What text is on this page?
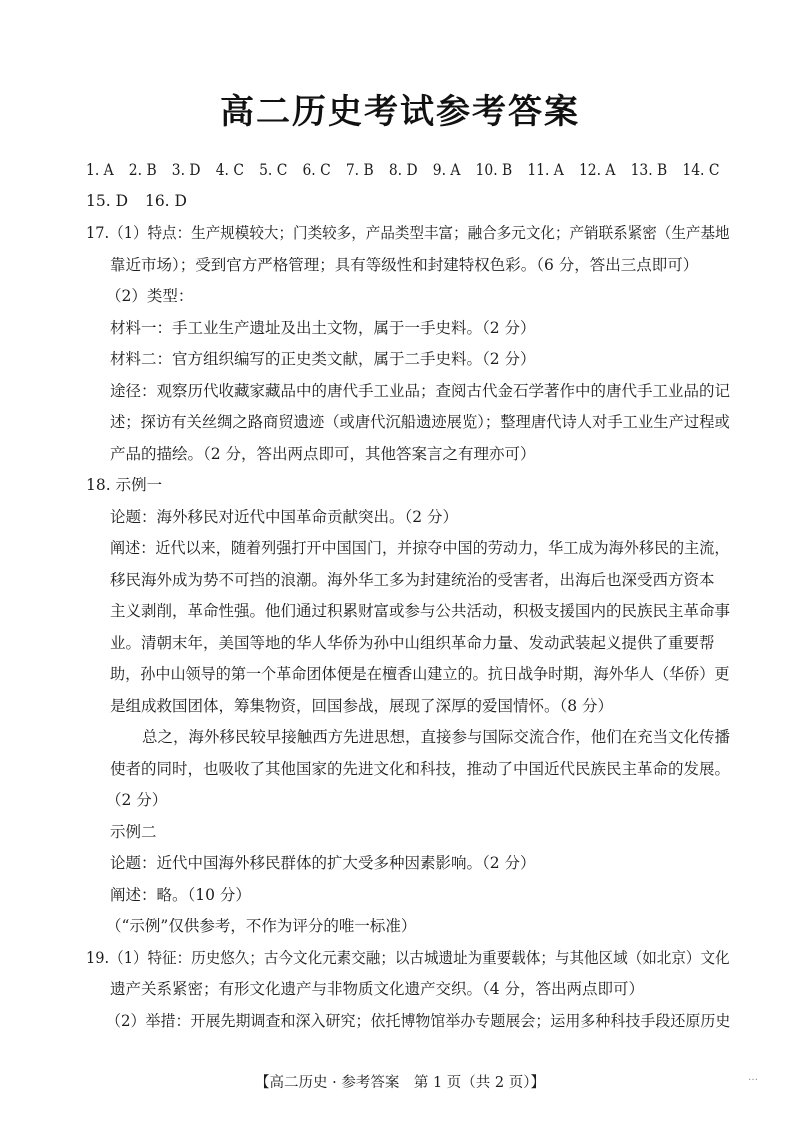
高二历史考试参考答案
1. A 2. B 3. D 4. C 5. C 6. C 7. B 8. D 9. A 10. B 11. A 12. A 13. B 14. C
15. D 16. D
17.（1）特点：生产规模较大；门类较多，产品类型丰富；融合多元文化；产销联系紧密（生产基地
靠近市场）；受到官方严格管理；具有等级性和封建特权色彩。（6 分，答出三点即可）
（2）类型：
材料一：手工业生产遗址及出土文物，属于一手史料。（2 分）
材料二：官方组织编写的正史类文献，属于二手史料。（2 分）
途径：观察历代收藏家藏品中的唐代手工业品；查阅古代金石学著作中的唐代手工业品的记
述；探访有关丝绸之路商贸遗迹（或唐代沉船遗迹展览）；整理唐代诗人对手工业生产过程或
产品的描绘。（2 分，答出两点即可，其他答案言之有理亦可）
18. 示例一
论题：海外移民对近代中国革命贡献突出。（2 分）
阐述：近代以来，随着列强打开中国国门，并掠夺中国的劳动力，华工成为海外移民的主流，
移民海外成为势不可挡的浪潮。海外华工多为封建统治的受害者，出海后也深受西方资本
主义剥削，革命性强。他们通过积累财富或参与公共活动，积极支援国内的民族民主革命事
业。清朝末年，美国等地的华人华侨为孙中山组织革命力量、发动武装起义提供了重要帮
助，孙中山领导的第一个革命团体便是在檀香山建立的。抗日战争时期，海外华人（华侨）更
是组成救国团体，筹集物资，回国参战，展现了深厚的爱国情怀。（8 分）
总之，海外移民较早接触西方先进思想，直接参与国际交流合作，他们在充当文化传播
使者的同时，也吸收了其他国家的先进文化和科技，推动了中国近代民族民主革命的发展。
（2 分）
示例二
论题：近代中国海外移民群体的扩大受多种因素影响。（2 分）
阐述：略。（10 分）
（“示例”仅供参考，不作为评分的唯一标准）
19.（1）特征：历史悠久；古今文化元素交融；以古城遗址为重要载体；与其他区域（如北京）文化
遗产关系紧密；有形文化遗产与非物质文化遗产交织。（4 分，答出两点即可）
（2）举措：开展先期调查和深入研究；依托博物馆举办专题展会；运用多种科技手段还原历史
【高二历史 · 参考答案　第 1 页（共 2 页）】	…
